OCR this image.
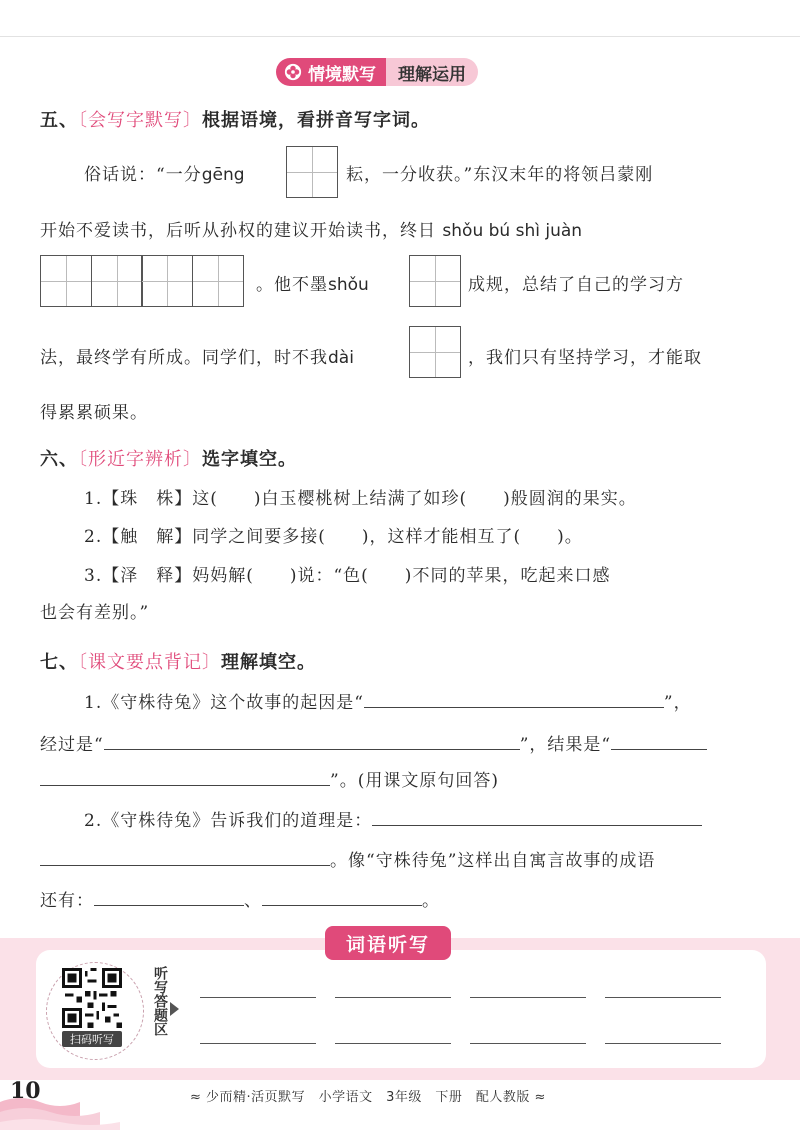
情境默写	理解运用
五、〔会写字默写〕根据语境，看拼音写字词。
俗话说：“一分gēng	耘，一分收获。”东汉末年的将领吕蒙刚
开始不爱读书，后听从孙权的建议开始读书，终日 shǒu bú shì juàn
。他不墨shǒu	成规，总结了自己的学习方
法，最终学有所成。同学们，时不我dài	，我们只有坚持学习，才能取
得累累硕果。
六、〔形近字辨析〕选字填空。
1.【珠　株】这(　　)白玉樱桃树上结满了如珍(　　)般圆润的果实。
2.【触　解】同学之间要多接(　　)，这样才能相互了(　　)。
3.【泽　释】妈妈解(　　)说：“色(　　)不同的苹果，吃起来口感
也会有差别。”
七、〔课文要点背记〕理解填空。
1.《守株待兔》这个故事的起因是“	”，
经过是“	”，结果是“
”。(用课文原句回答)
2.《守株待兔》告诉我们的道理是：
。像“守株待兔”这样出自寓言故事的成语
还有：	、	。
词语听写
扫码听写
听写答题区
10	≈ 少而精·活页默写　小学语文　3年级　下册　配人教版 ≈
